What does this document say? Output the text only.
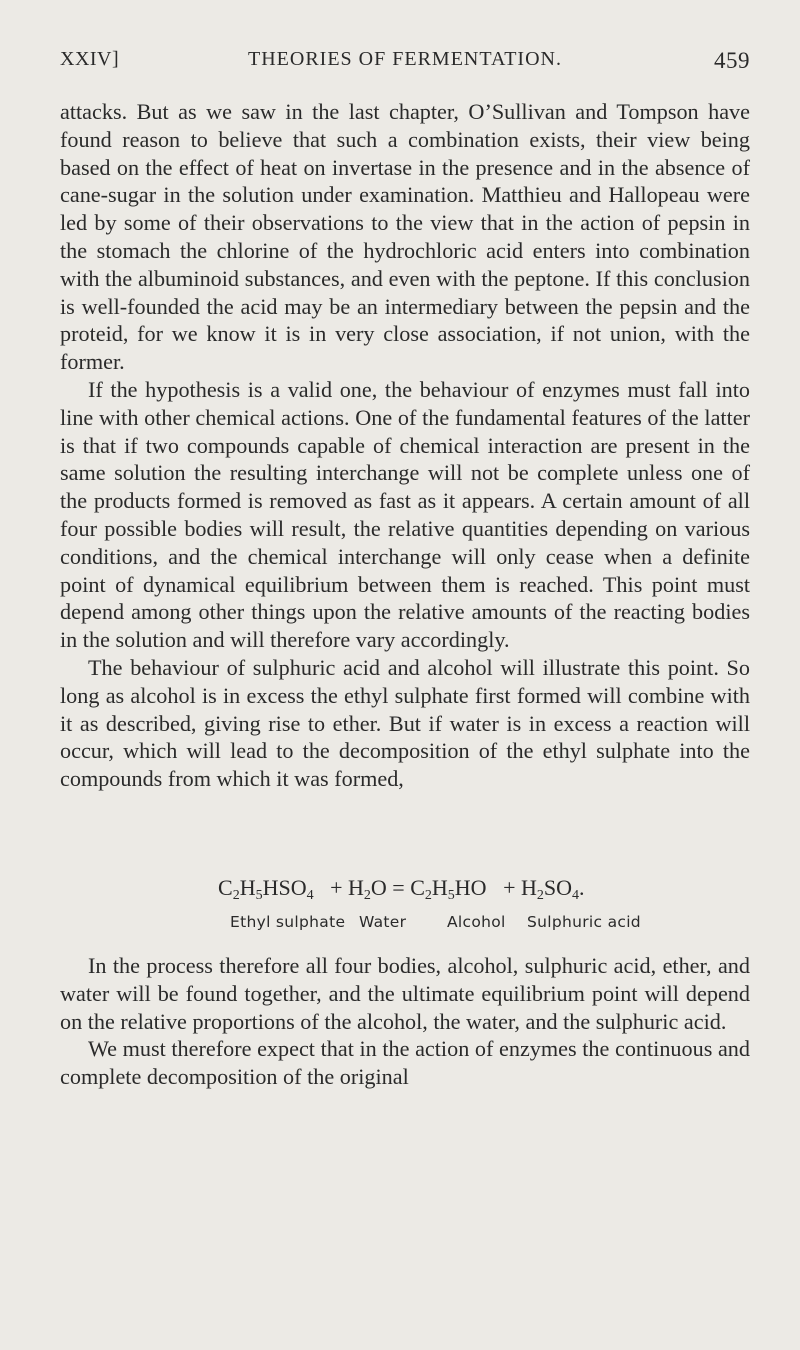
XXIV]	THEORIES OF FERMENTATION.	459

attacks. But as we saw in the last chapter, O’Sullivan and Tompson have found reason to believe that such a combination exists, their view being based on the effect of heat on invertase in the presence and in the absence of cane-sugar in the solution under examination. Matthieu and Hallopeau were led by some of their observations to the view that in the action of pepsin in the stomach the chlorine of the hydrochloric acid enters into combination with the albuminoid substances, and even with the peptone. If this conclusion is well-founded the acid may be an intermediary between the pepsin and the proteid, for we know it is in very close association, if not union, with the former.

If the hypothesis is a valid one, the behaviour of enzymes must fall into line with other chemical actions. One of the fundamental features of the latter is that if two compounds capable of chemical interaction are present in the same solution the resulting interchange will not be complete unless one of the products formed is removed as fast as it appears. A certain amount of all four possible bodies will result, the relative quantities depending on various conditions, and the chemical interchange will only cease when a definite point of dynamical equilibrium between them is reached. This point must depend among other things upon the relative amounts of the reacting bodies in the solution and will therefore vary accordingly.

The behaviour of sulphuric acid and alcohol will illustrate this point. So long as alcohol is in excess the ethyl sulphate first formed will combine with it as described, giving rise to ether. But if water is in excess a reaction will occur, which will lead to the decomposition of the ethyl sulphate into the compounds from which it was formed,

$C_2H_5HSO_4 + H_2O = C_2H_5HO + H_2SO_4$.
Ethyl sulphate Water	Alcohol Sulphuric acid

In the process therefore all four bodies, alcohol, sulphuric acid, ether, and water will be found together, and the ultimate equilibrium point will depend on the relative proportions of the alcohol, the water, and the sulphuric acid.

We must therefore expect that in the action of enzymes the continuous and complete decomposition of the original
